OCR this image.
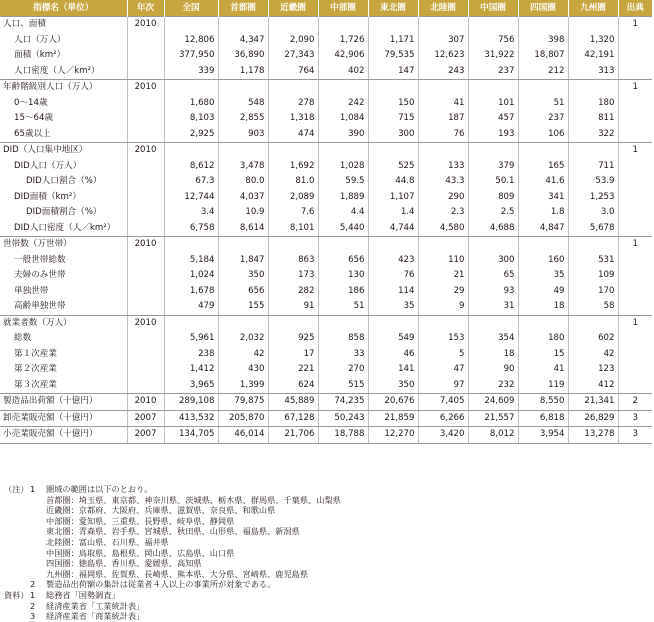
指標名（単位）	年次	全国	首都圏	近畿圏	中部圏	東北圏	北陸圏	中国圏	四国圏	九州圏	出典
人口、面積	2010										1
人口（万人）		12,806	4,347	2,090	1,726	1,171	307	756	398	1,320	
面積（km²）		377,950	36,890	27,343	42,906	79,535	12,623	31,922	18,807	42,191	
人口密度（人／km²）		339	1,178	764	402	147	243	237	212	313	
年齢階級別人口（万人）	2010										1
0～14歳		1,680	548	278	242	150	41	101	51	180	
15～64歳		8,103	2,855	1,318	1,084	715	187	457	237	811	
65歳以上		2,925	903	474	390	300	76	193	106	322	
DID（人口集中地区）	2010										1
DID人口（万人）		8,612	3,478	1,692	1,028	525	133	379	165	711	
DID人口割合（%）		67.3	80.0	81.0	59.5	44.8	43.3	50.1	41.6	53.9	
DID面積（km²）		12,744	4,037	2,089	1,889	1,107	290	809	341	1,253	
DID面積割合（%）		3.4	10.9	7.6	4.4	1.4	2.3	2.5	1.8	3.0	
DID人口密度（人／km²）		6,758	8,614	8,101	5,440	4,744	4,580	4,688	4,847	5,678	
世帯数（万世帯）	2010										1
一般世帯総数		5,184	1,847	863	656	423	110	300	160	531	
夫婦のみ世帯		1,024	350	173	130	76	21	65	35	109	
単独世帯		1,678	656	282	186	114	29	93	49	170	
高齢単独世帯		479	155	91	51	35	9	31	18	58	
就業者数（万人）	2010										1
総数		5,961	2,032	925	858	549	153	354	180	602	
第１次産業		238	42	17	33	46	5	18	15	42	
第２次産業		1,412	430	221	270	141	47	90	41	123	
第３次産業		3,965	1,399	624	515	350	97	232	119	412	
製造品出荷額（十億円）	2010	289,108	79,875	45,889	74,235	20,676	7,405	24,609	8,550	21,341	2
卸売業販売額（十億円）	2007	413,532	205,870	67,128	50,243	21,859	6,266	21,557	6,818	26,829	3
小売業販売額（十億円）	2007	134,705	46,014	21,706	18,788	12,270	3,420	8,012	3,954	13,278	3
（注） 1 圏域の範囲は以下のとおり。
首都圏：埼玉県、東京都、神奈川県、茨城県、栃木県、群馬県、千葉県、山梨県
近畿圏：京都府、大阪府、兵庫県、滋賀県、奈良県、和歌山県
中部圏：愛知県、三重県、長野県、岐阜県、静岡県
東北圏：青森県、岩手県、宮城県、秋田県、山形県、福島県、新潟県
北陸圏：富山県、石川県、福井県
中国圏：鳥取県、島根県、岡山県、広島県、山口県
四国圏：徳島県、香川県、愛媛県、高知県
九州圏：福岡県、佐賀県、長崎県、熊本県、大分県、宮崎県、鹿児島県
2 製造品出荷額の集計は従業者４人以上の事業所が対象である。
資料） 1 総務省「国勢調査」
2 経済産業省「工業統計表」
3 経済産業省「商業統計表」
